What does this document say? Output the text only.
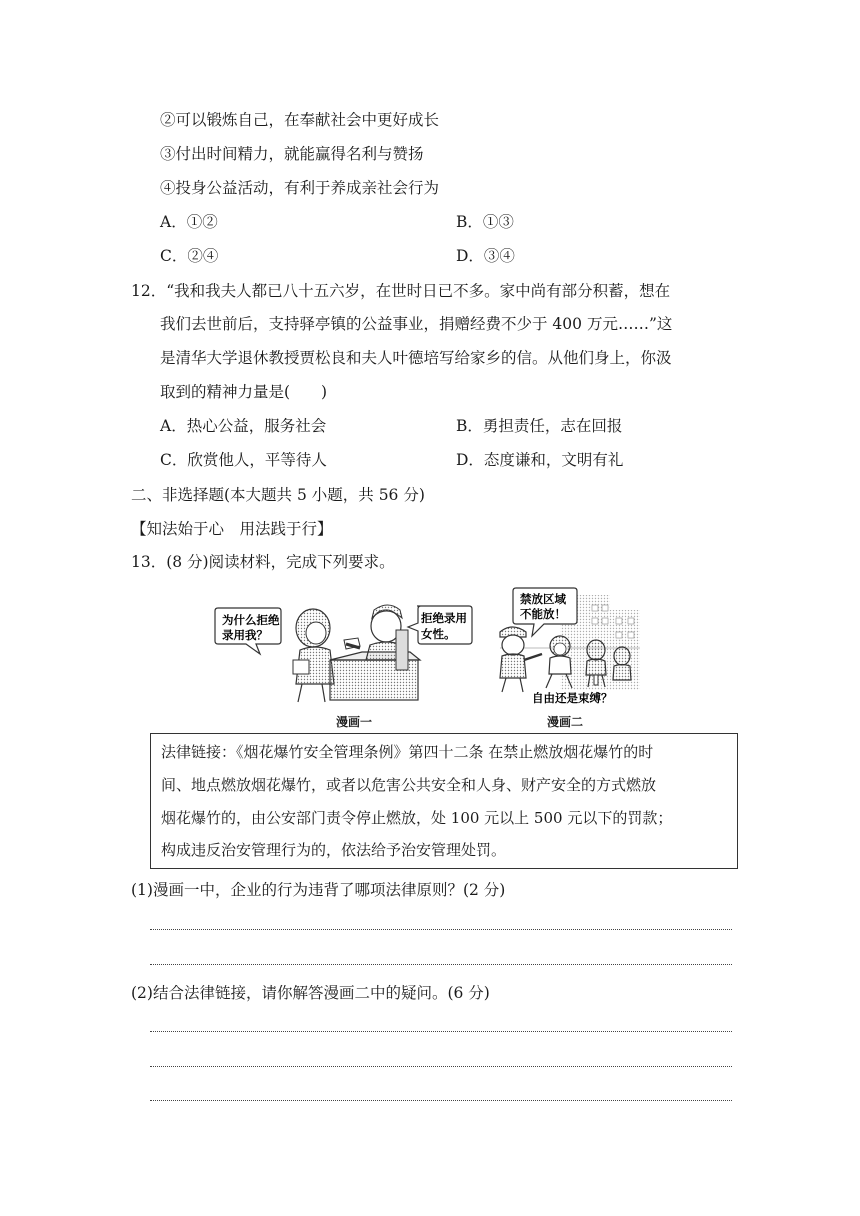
②可以锻炼自己，在奉献社会中更好成长
③付出时间精力，就能赢得名利与赞扬
④投身公益活动，有利于养成亲社会行为
A．①②	B．①③
C．②④	D．③④
12．“我和我夫人都已八十五六岁，在世时日已不多。家中尚有部分积蓄，想在
我们去世前后，支持驿亭镇的公益事业，捐赠经费不少于 400 万元……”这
是清华大学退休教授贾松良和夫人叶德培写给家乡的信。从他们身上，你汲
取到的精神力量是(　　)
A．热心公益，服务社会	B．勇担责任，志在回报
C．欣赏他人，平等待人	D．态度谦和，文明有礼
二、非选择题(本大题共 5 小题，共 56 分)
【知法始于心　用法践于行】
13．(8 分)阅读材料，完成下列要求。
为什么拒绝
录用我？
拒绝录用
女性。
禁放区域
不能放！
自由还是束缚？
漫画一	漫画二
法律链接：《烟花爆竹安全管理条例》第四十二条 在禁止燃放烟花爆竹的时
间、地点燃放烟花爆竹，或者以危害公共安全和人身、财产安全的方式燃放
烟花爆竹的，由公安部门责令停止燃放，处 100 元以上 500 元以下的罚款；
构成违反治安管理行为的，依法给予治安管理处罚。
(1)漫画一中，企业的行为违背了哪项法律原则？(2 分)
(2)结合法律链接，请你解答漫画二中的疑问。(6 分)
